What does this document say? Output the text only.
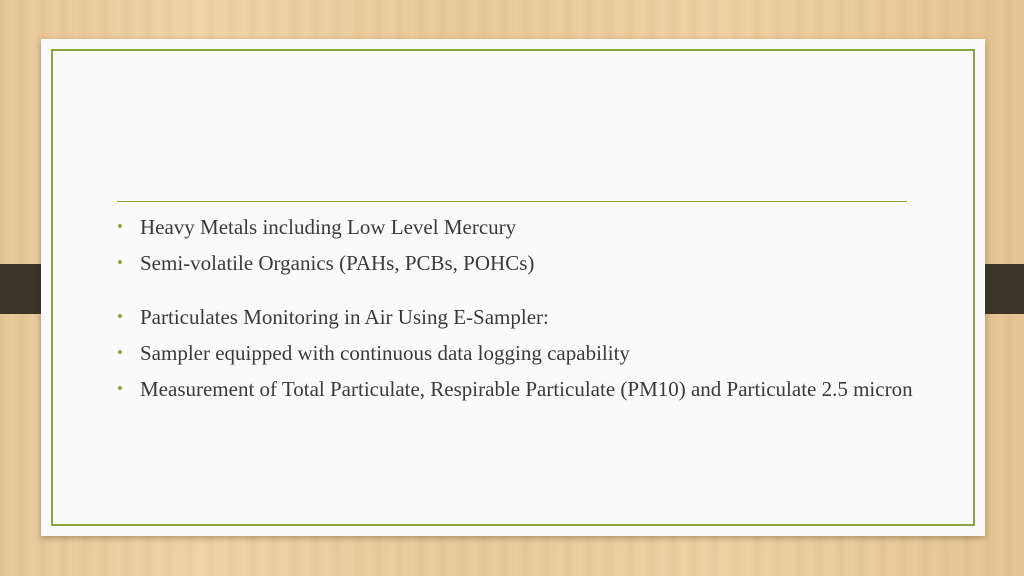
• Heavy Metals including Low Level Mercury
• Semi-volatile Organics (PAHs, PCBs, POHCs)
• Particulates Monitoring in Air Using E-Sampler:
• Sampler equipped with continuous data logging capability
• Measurement of Total Particulate, Respirable Particulate (PM10) and Particulate 2.5 micron
